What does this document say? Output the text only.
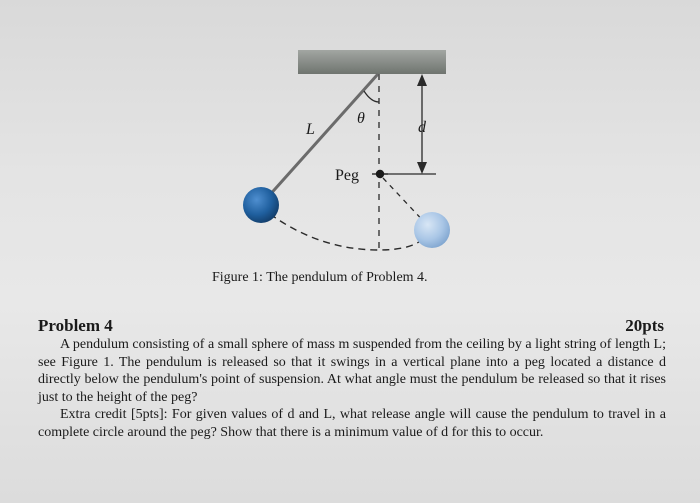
L
θ
d
Peg
Figure 1: The pendulum of Problem 4.
Problem 4	20pts

A pendulum consisting of a small sphere of mass m suspended from the ceiling by a light string of length L; see Figure 1. The pendulum is released so that it swings in a vertical plane into a peg located a distance d directly below the pendulum's point of suspension. At what angle must the pendulum be released so that it rises just to the height of the peg?

Extra credit [5pts]: For given values of d and L, what release angle will cause the pendulum to travel in a complete circle around the peg? Show that there is a minimum value of d for this to occur.
